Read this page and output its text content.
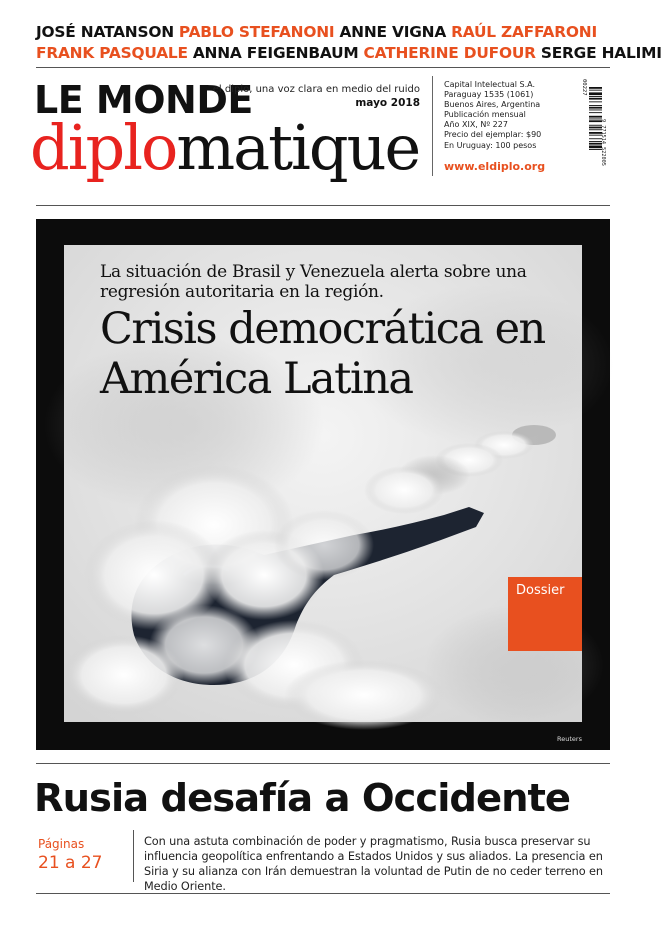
JOSÉ NATANSON PABLO STEFANONI ANNE VIGNA RAÚL ZAFFARONI
FRANK PASQUALE ANNA FEIGENBAUM CATHERINE DUFOUR SERGE HALIMI
LE MONDE
diplomatique
el diplo, una voz clara en medio del ruido
mayo 2018
Capital Intelectual S.A.
Paraguay 1535 (1061)
Buenos Aires, Argentina
Publicación mensual
Año XIX, Nº 227
Precio del ejemplar: $90
En Uruguay: 100 pesos
www.eldiplo.org
00227
9 771514 522005
Reuters
La situación de Brasil y Venezuela alerta sobre una regresión autoritaria en la región.
Crisis democrática en América Latina
Dossier
Rusia desafía a Occidente
Páginas
21 a 27
Con una astuta combinación de poder y pragmatismo, Rusia busca preservar su influencia geopolítica enfrentando a Estados Unidos y sus aliados. La presencia en Siria y su alianza con Irán demuestran la voluntad de Putin de no ceder terreno en Medio Oriente.
